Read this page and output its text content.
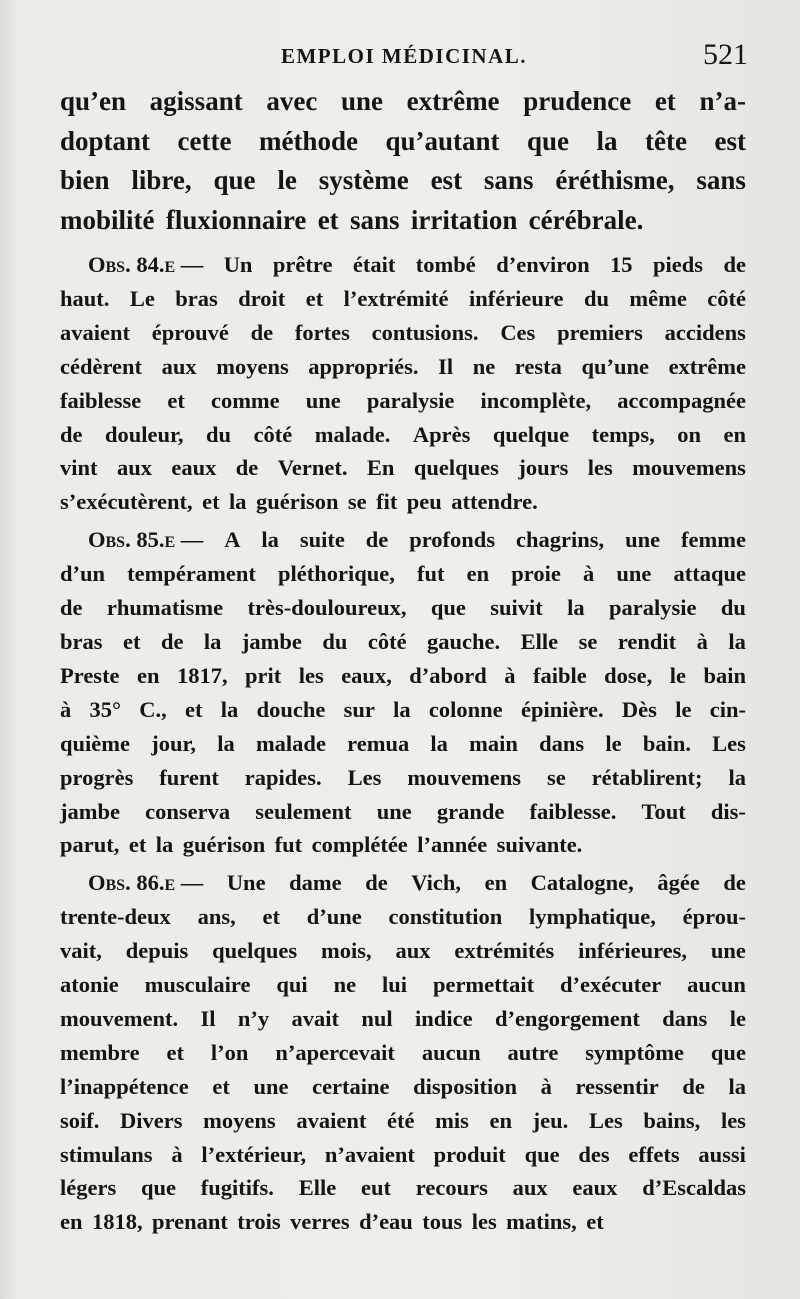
EMPLOI MÉDICINAL.	521
qu’en agissant avec une extrême prudence et n’a-
doptant cette méthode qu’autant que la tête est
bien libre, que le système est sans éréthisme, sans
mobilité fluxionnaire et sans irritation cérébrale.
Obs. 84.e — Un prêtre était tombé d’environ 15 pieds de
haut. Le bras droit et l’extrémité inférieure du même côté
avaient éprouvé de fortes contusions. Ces premiers accidens
cédèrent aux moyens appropriés. Il ne resta qu’une extrême
faiblesse et comme une paralysie incomplète, accompagnée
de douleur, du côté malade. Après quelque temps, on en
vint aux eaux de Vernet. En quelques jours les mouvemens
s’exécutèrent, et la guérison se fit peu attendre.
Obs. 85.e — A la suite de profonds chagrins, une femme
d’un tempérament pléthorique, fut en proie à une attaque
de rhumatisme très-douloureux, que suivit la paralysie du
bras et de la jambe du côté gauche. Elle se rendit à la
Preste en 1817, prit les eaux, d’abord à faible dose, le bain
à 35° C., et la douche sur la colonne épinière. Dès le cin-
quième jour, la malade remua la main dans le bain. Les
progrès furent rapides. Les mouvemens se rétablirent; la
jambe conserva seulement une grande faiblesse. Tout dis-
parut, et la guérison fut complétée l’année suivante.
Obs. 86.e — Une dame de Vich, en Catalogne, âgée de
trente-deux ans, et d’une constitution lymphatique, éprou-
vait, depuis quelques mois, aux extrémités inférieures, une
atonie musculaire qui ne lui permettait d’exécuter aucun
mouvement. Il n’y avait nul indice d’engorgement dans le
membre et l’on n’apercevait aucun autre symptôme que
l’inappétence et une certaine disposition à ressentir de la
soif. Divers moyens avaient été mis en jeu. Les bains, les
stimulans à l’extérieur, n’avaient produit que des effets aussi
légers que fugitifs. Elle eut recours aux eaux d’Escaldas
en 1818, prenant trois verres d’eau tous les matins, et
